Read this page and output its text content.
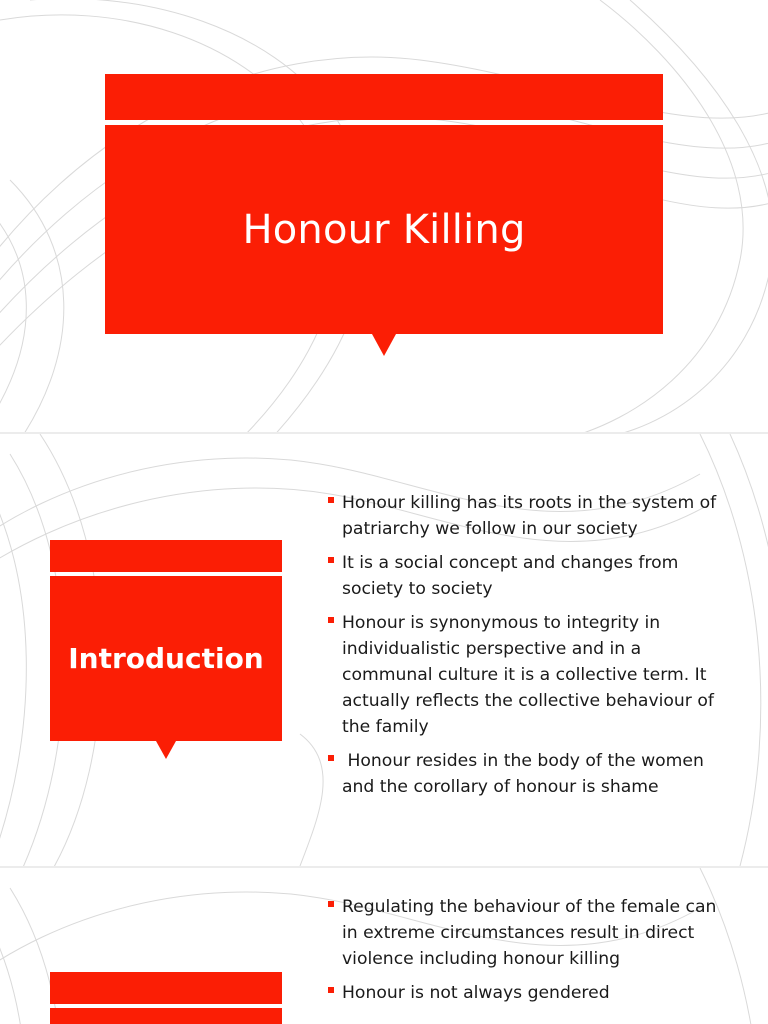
Honour Killing
Introduction
Honour killing has its roots in the system of patriarchy we follow in our society
It is a social concept and changes from society to society
Honour is synonymous to integrity in individualistic perspective and in a communal culture it is a collective term. It actually reflects the collective behaviour of the family
Honour resides in the body of the women and the corollary of honour is shame
Regulating the behaviour of the female can in extreme circumstances result in direct violence including honour killing
Honour is not always gendered
